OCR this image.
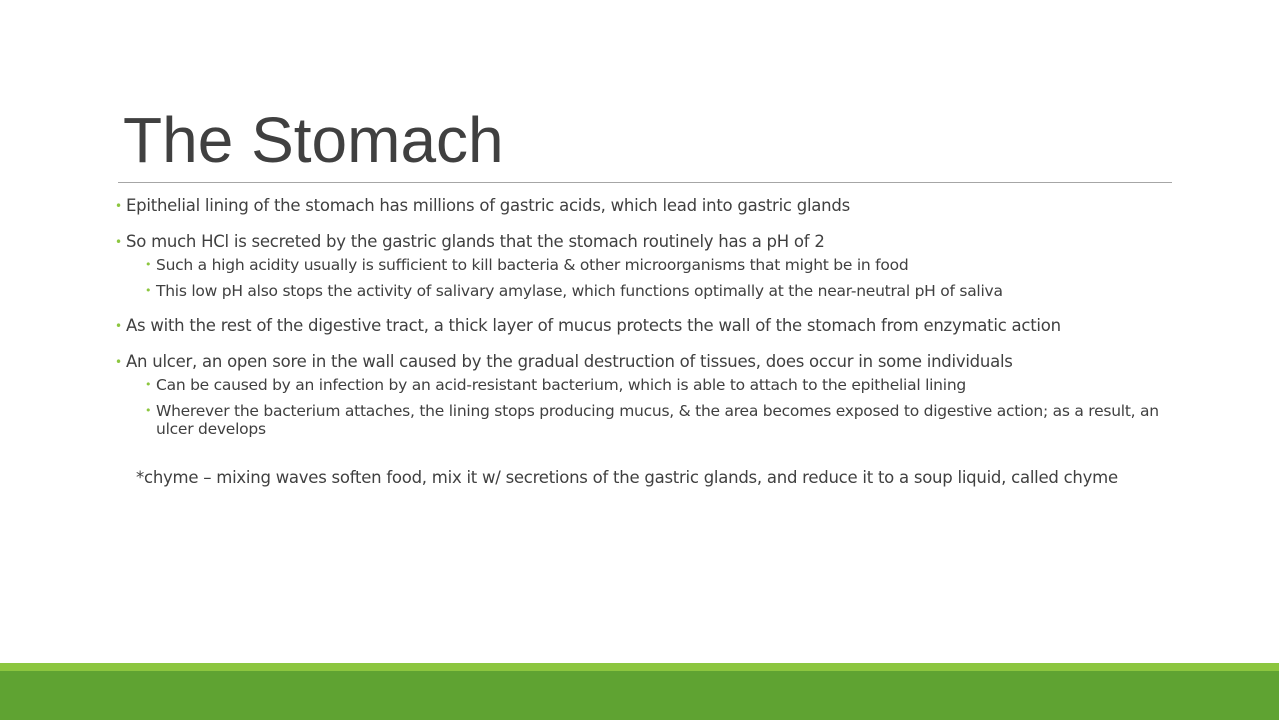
The Stomach
• Epithelial lining of the stomach has millions of gastric acids, which lead into gastric glands
• So much HCl is secreted by the gastric glands that the stomach routinely has a pH of 2
• Such a high acidity usually is sufficient to kill bacteria & other microorganisms that might be in food
• This low pH also stops the activity of salivary amylase, which functions optimally at the near-neutral pH of saliva
• As with the rest of the digestive tract, a thick layer of mucus protects the wall of the stomach from enzymatic action
• An ulcer, an open sore in the wall caused by the gradual destruction of tissues, does occur in some individuals
• Can be caused by an infection by an acid-resistant bacterium, which is able to attach to the epithelial lining
• Wherever the bacterium attaches, the lining stops producing mucus, & the area becomes exposed to digestive action; as a result, an ulcer develops
*chyme – mixing waves soften food, mix it w/ secretions of the gastric glands, and reduce it to a soup liquid, called chyme
